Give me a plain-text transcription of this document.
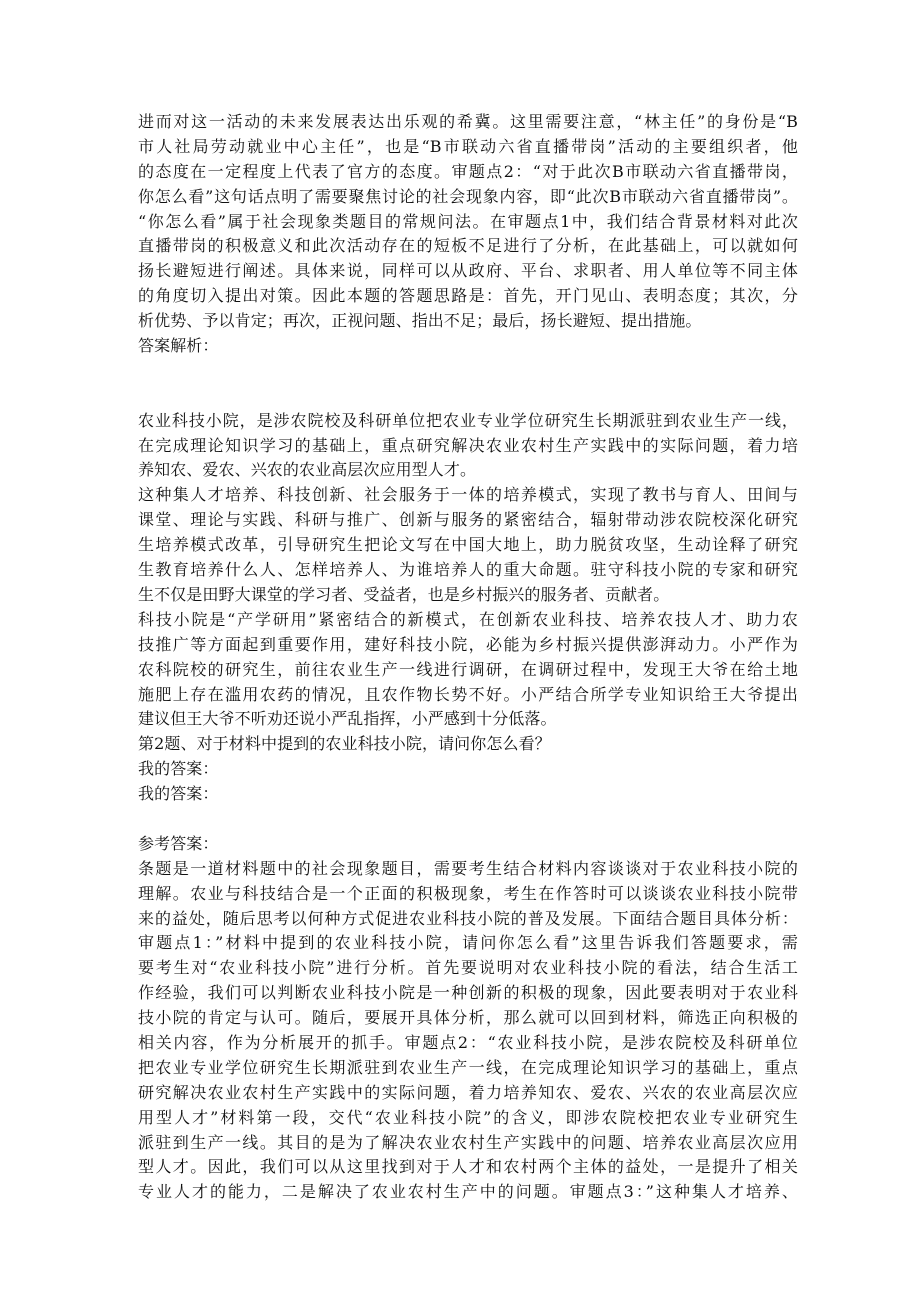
进而对这一活动的未来发展表达出乐观的希冀。这里需要注意，“林主任”的身份是“B
市人社局劳动就业中心主任”，也是“B市联动六省直播带岗”活动的主要组织者，他
的态度在一定程度上代表了官方的态度。审题点2：“对于此次B市联动六省直播带岗，
你怎么看”这句话点明了需要聚焦讨论的社会现象内容，即“此次B市联动六省直播带岗”。
“你怎么看”属于社会现象类题目的常规问法。在审题点1中，我们结合背景材料对此次
直播带岗的积极意义和此次活动存在的短板不足进行了分析，在此基础上，可以就如何
扬长避短进行阐述。具体来说，同样可以从政府、平台、求职者、用人单位等不同主体
的角度切入提出对策。因此本题的答题思路是：首先，开门见山、表明态度；其次，分
析优势、予以肯定；再次，正视问题、指出不足；最后，扬长避短、提出措施。
答案解析：
农业科技小院，是涉农院校及科研单位把农业专业学位研究生长期派驻到农业生产一线，
在完成理论知识学习的基础上，重点研究解决农业农村生产实践中的实际问题，着力培
养知农、爱农、兴农的农业高层次应用型人才。
这种集人才培养、科技创新、社会服务于一体的培养模式，实现了教书与育人、田间与
课堂、理论与实践、科研与推广、创新与服务的紧密结合，辐射带动涉农院校深化研究
生培养模式改革，引导研究生把论文写在中国大地上，助力脱贫攻坚，生动诠释了研究
生教育培养什么人、怎样培养人、为谁培养人的重大命题。驻守科技小院的专家和研究
生不仅是田野大课堂的学习者、受益者，也是乡村振兴的服务者、贡献者。
科技小院是“产学研用”紧密结合的新模式，在创新农业科技、培养农技人才、助力农
技推广等方面起到重要作用，建好科技小院，必能为乡村振兴提供澎湃动力。小严作为
农科院校的研究生，前往农业生产一线进行调研，在调研过程中，发现王大爷在给土地
施肥上存在滥用农药的情况，且农作物长势不好。小严结合所学专业知识给王大爷提出
建议但王大爷不听劝还说小严乱指挥，小严感到十分低落。
第2题、对于材料中提到的农业科技小院，请问你怎么看？
我的答案：
我的答案：
参考答案：
条题是一道材料题中的社会现象题目，需要考生结合材料内容谈谈对于农业科技小院的
理解。农业与科技结合是一个正面的积极现象，考生在作答时可以谈谈农业科技小院带
来的益处，随后思考以何种方式促进农业科技小院的普及发展。下面结合题目具体分析：
审题点1：”材料中提到的农业科技小院，请问你怎么看”这里告诉我们答题要求，需
要考生对“农业科技小院”进行分析。首先要说明对农业科技小院的看法，结合生活工
作经验，我们可以判断农业科技小院是一种创新的积极的现象，因此要表明对于农业科
技小院的肯定与认可。随后，要展开具体分析，那么就可以回到材料，筛选正向积极的
相关内容，作为分析展开的抓手。审题点2：“农业科技小院，是涉农院校及科研单位
把农业专业学位研究生长期派驻到农业生产一线，在完成理论知识学习的基础上，重点
研究解决农业农村生产实践中的实际问题，着力培养知农、爱农、兴农的农业高层次应
用型人才”材料第一段，交代“农业科技小院”的含义，即涉农院校把农业专业研究生
派驻到生产一线。其目的是为了解决农业农村生产实践中的问题、培养农业高层次应用
型人才。因此，我们可以从这里找到对于人才和农村两个主体的益处，一是提升了相关
专业人才的能力，二是解决了农业农村生产中的问题。审题点3：”这种集人才培养、
